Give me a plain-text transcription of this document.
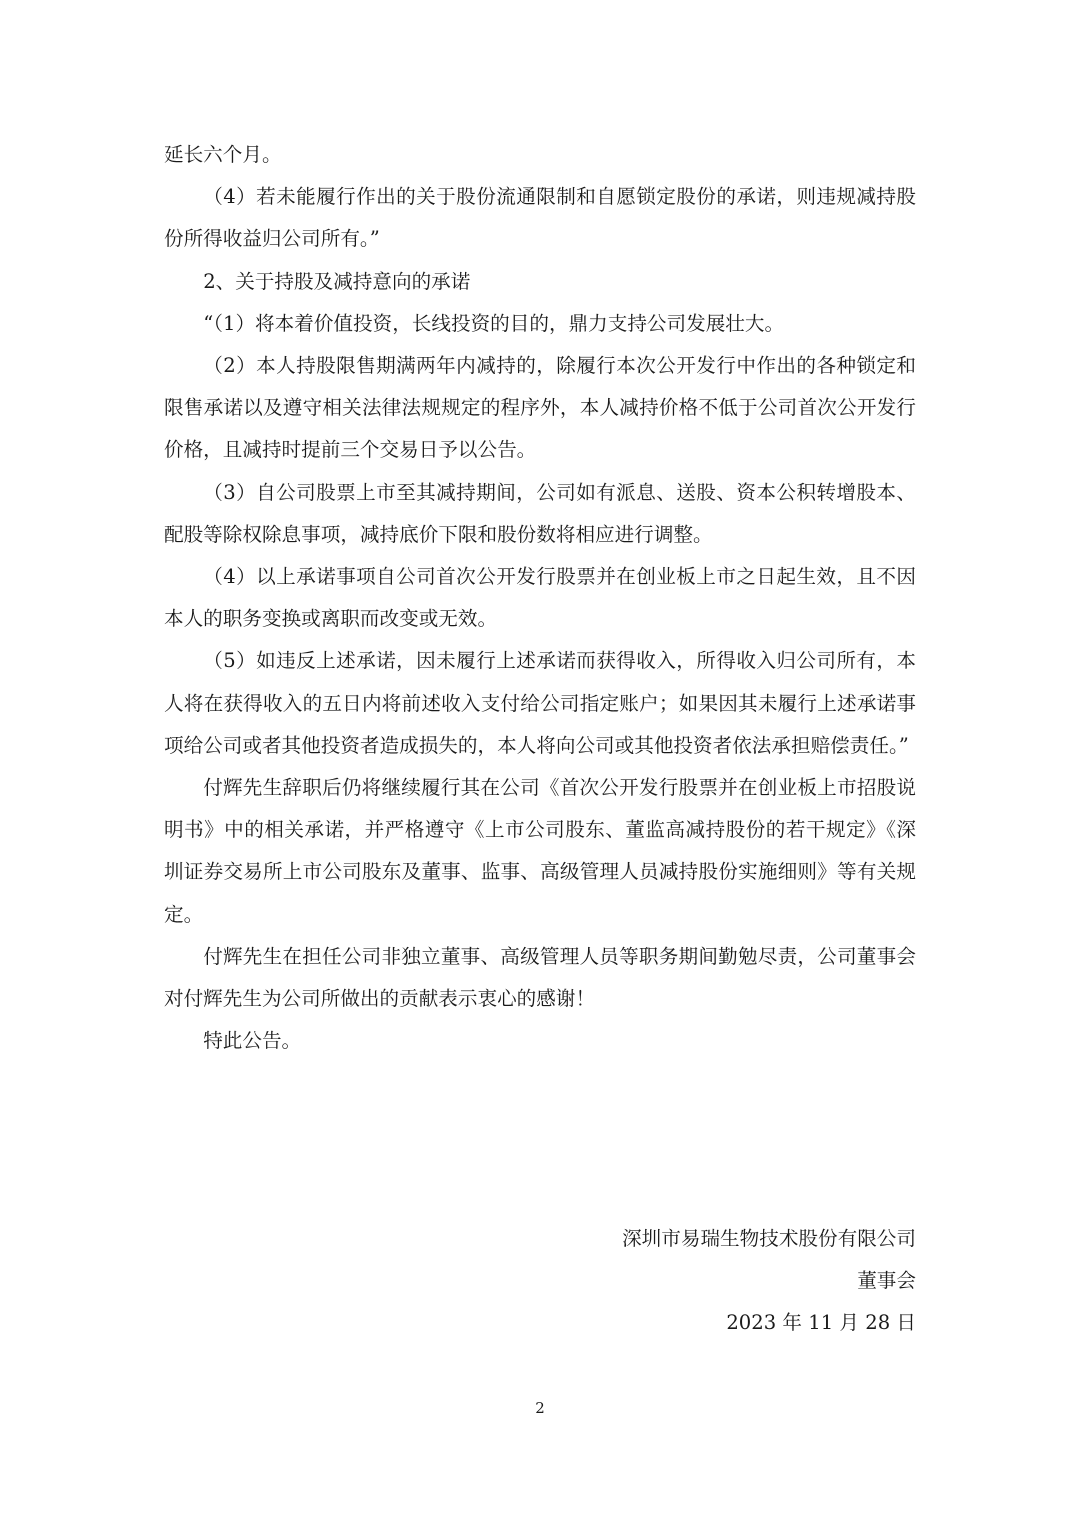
延长六个月。

（4）若未能履行作出的关于股份流通限制和自愿锁定股份的承诺，则违规减持股份所得收益归公司所有。”

2、关于持股及减持意向的承诺

“（1）将本着价值投资，长线投资的目的，鼎力支持公司发展壮大。

（2）本人持股限售期满两年内减持的，除履行本次公开发行中作出的各种锁定和限售承诺以及遵守相关法律法规规定的程序外，本人减持价格不低于公司首次公开发行价格，且减持时提前三个交易日予以公告。

（3）自公司股票上市至其减持期间，公司如有派息、送股、资本公积转增股本、配股等除权除息事项，减持底价下限和股份数将相应进行调整。

（4）以上承诺事项自公司首次公开发行股票并在创业板上市之日起生效，且不因本人的职务变换或离职而改变或无效。

（5）如违反上述承诺，因未履行上述承诺而获得收入，所得收入归公司所有，本人将在获得收入的五日内将前述收入支付给公司指定账户；如果因其未履行上述承诺事项给公司或者其他投资者造成损失的，本人将向公司或其他投资者依法承担赔偿责任。”

付辉先生辞职后仍将继续履行其在公司《首次公开发行股票并在创业板上市招股说明书》中的相关承诺，并严格遵守《上市公司股东、董监高减持股份的若干规定》《深圳证券交易所上市公司股东及董事、监事、高级管理人员减持股份实施细则》等有关规定。

付辉先生在担任公司非独立董事、高级管理人员等职务期间勤勉尽责，公司董事会对付辉先生为公司所做出的贡献表示衷心的感谢！

特此公告。

深圳市易瑞生物技术股份有限公司
董事会
2023 年 11 月 28 日
2
